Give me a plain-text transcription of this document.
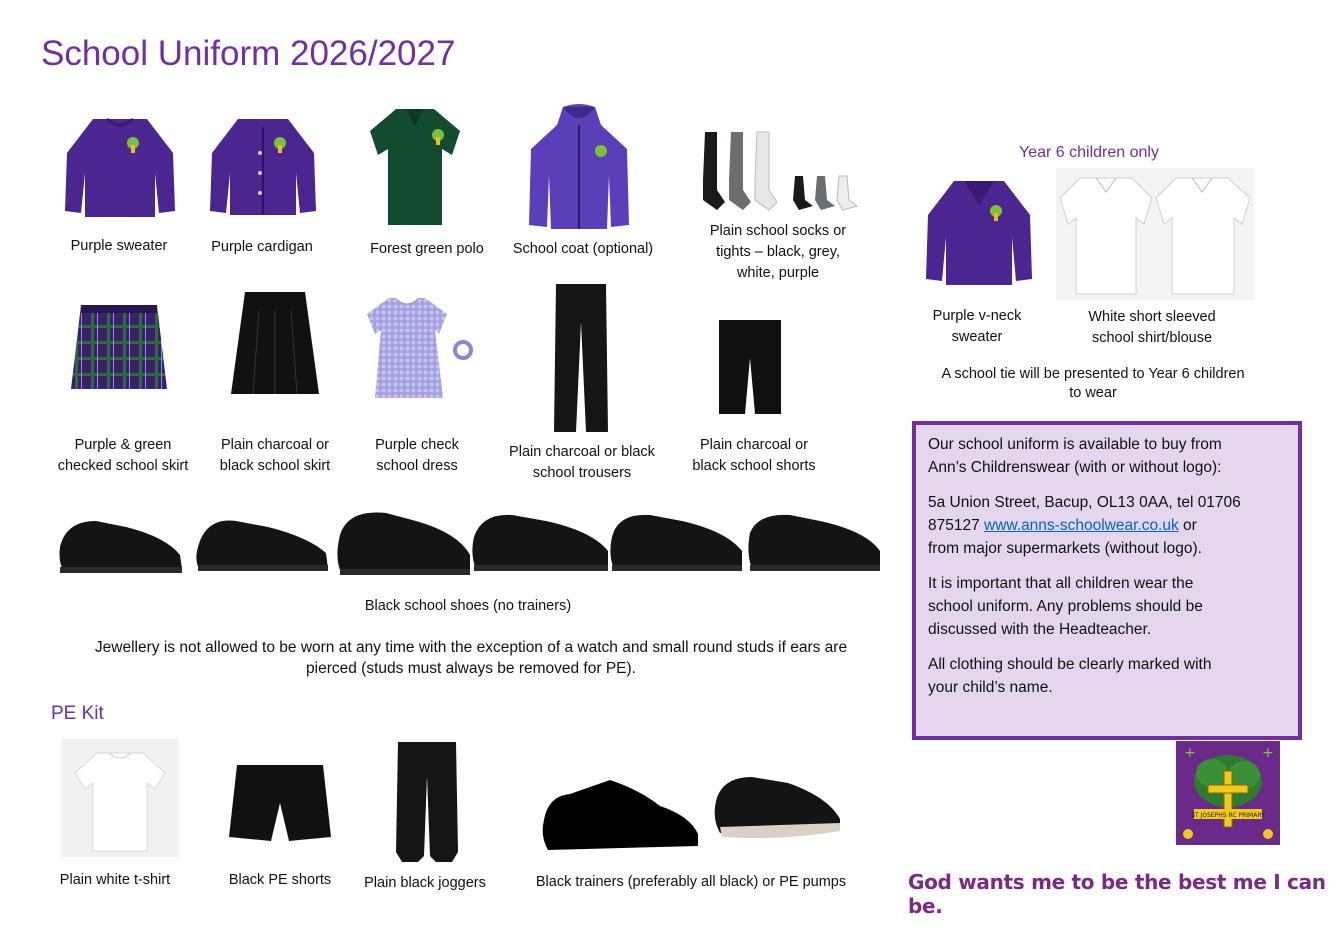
School Uniform 2026/2027
Purple sweater	Purple cardigan	Forest green polo	School coat (optional)
Plain school socks or
tights – black, grey,
white, purple
Purple & green
checked school skirt
Plain charcoal or
black school skirt
Purple check
school dress
Plain charcoal or black
school trousers
Plain charcoal or
black school shorts
Black school shoes (no trainers)
Jewellery is not allowed to be worn at any time with the exception of a watch and small round studs if ears are
pierced (studs must always be removed for PE).
PE Kit
Plain white t-shirt	Black PE shorts	Plain black joggers	Black trainers (preferably all black) or PE pumps
Year 6 children only
Purple v-neck
sweater
White short sleeved
school shirt/blouse
A school tie will be presented to Year 6 children
to wear

Our school uniform is available to buy from
Ann’s Childrenswear (with or without logo):

5a Union Street, Bacup, OL13 0AA, tel 01706
875127 www.anns-schoolwear.co.uk or
from major supermarkets (without logo).

It is important that all children wear the
school uniform. Any problems should be
discussed with the Headteacher.

All clothing should be clearly marked with
your child’s name.

+	+
ST JOSEPHS RC PRIMARY
God wants me to be the best me I can be.
